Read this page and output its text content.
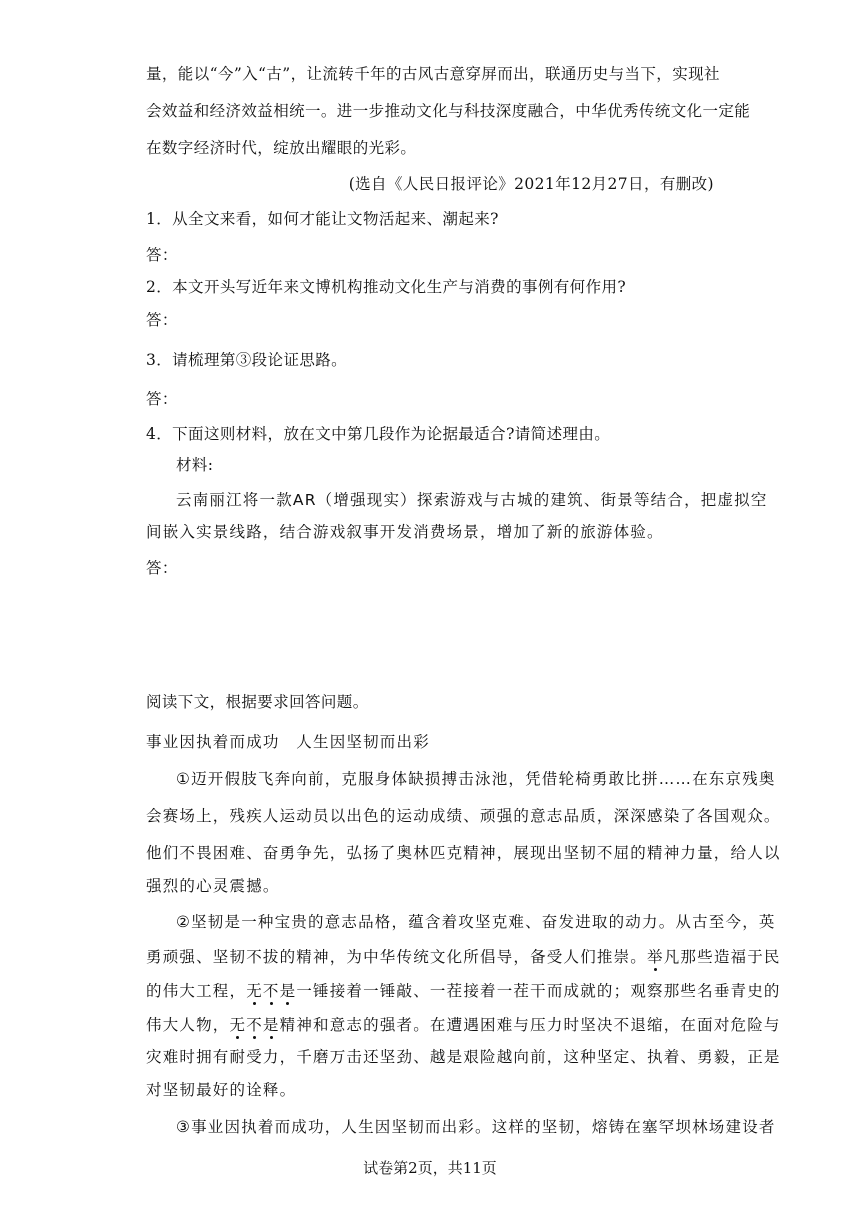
量，能以“今”入“古”，让流转千年的古风古意穿屏而出，联通历史与当下，实现社
会效益和经济效益相统一。进一步推动文化与科技深度融合，中华优秀传统文化一定能
在数字经济时代，绽放出耀眼的光彩。
(选自《人民日报评论》2021年12月27日，有删改)
1．从全文来看，如何才能让文物活起来、潮起来?
答：
2．本文开头写近年来文博机构推动文化生产与消费的事例有何作用?
答：
3．请梳理第③段论证思路。
答：
4．下面这则材料，放在文中第几段作为论据最适合?请简述理由。
材料:
云南丽江将一款AR（增强现实）探索游戏与古城的建筑、街景等结合，把虚拟空
间嵌入实景线路，结合游戏叙事开发消费场景，增加了新的旅游体验。
答：
阅读下文，根据要求回答问题。
事业因执着而成功　人生因坚韧而出彩
①迈开假肢飞奔向前，克服身体缺损搏击泳池，凭借轮椅勇敢比拼……在东京残奥
会赛场上，残疾人运动员以出色的运动成绩、顽强的意志品质，深深感染了各国观众。
他们不畏困难、奋勇争先，弘扬了奥林匹克精神，展现出坚韧不屈的精神力量，给人以
强烈的心灵震撼。
②坚韧是一种宝贵的意志品格，蕴含着攻坚克难、奋发进取的动力。从古至今，英
勇顽强、坚韧不拔的精神，为中华传统文化所倡导，备受人们推崇。举凡那些造福于民
的伟大工程，无不是一锤接着一锤敲、一茬接着一茬干而成就的；观察那些名垂青史的
伟大人物，无不是精神和意志的强者。在遭遇困难与压力时坚决不退缩，在面对危险与
灾难时拥有耐受力，千磨万击还坚劲、越是艰险越向前，这种坚定、执着、勇毅，正是
对坚韧最好的诠释。
③事业因执着而成功，人生因坚韧而出彩。这样的坚韧，熔铸在塞罕坝林场建设者
试卷第2页，共11页
